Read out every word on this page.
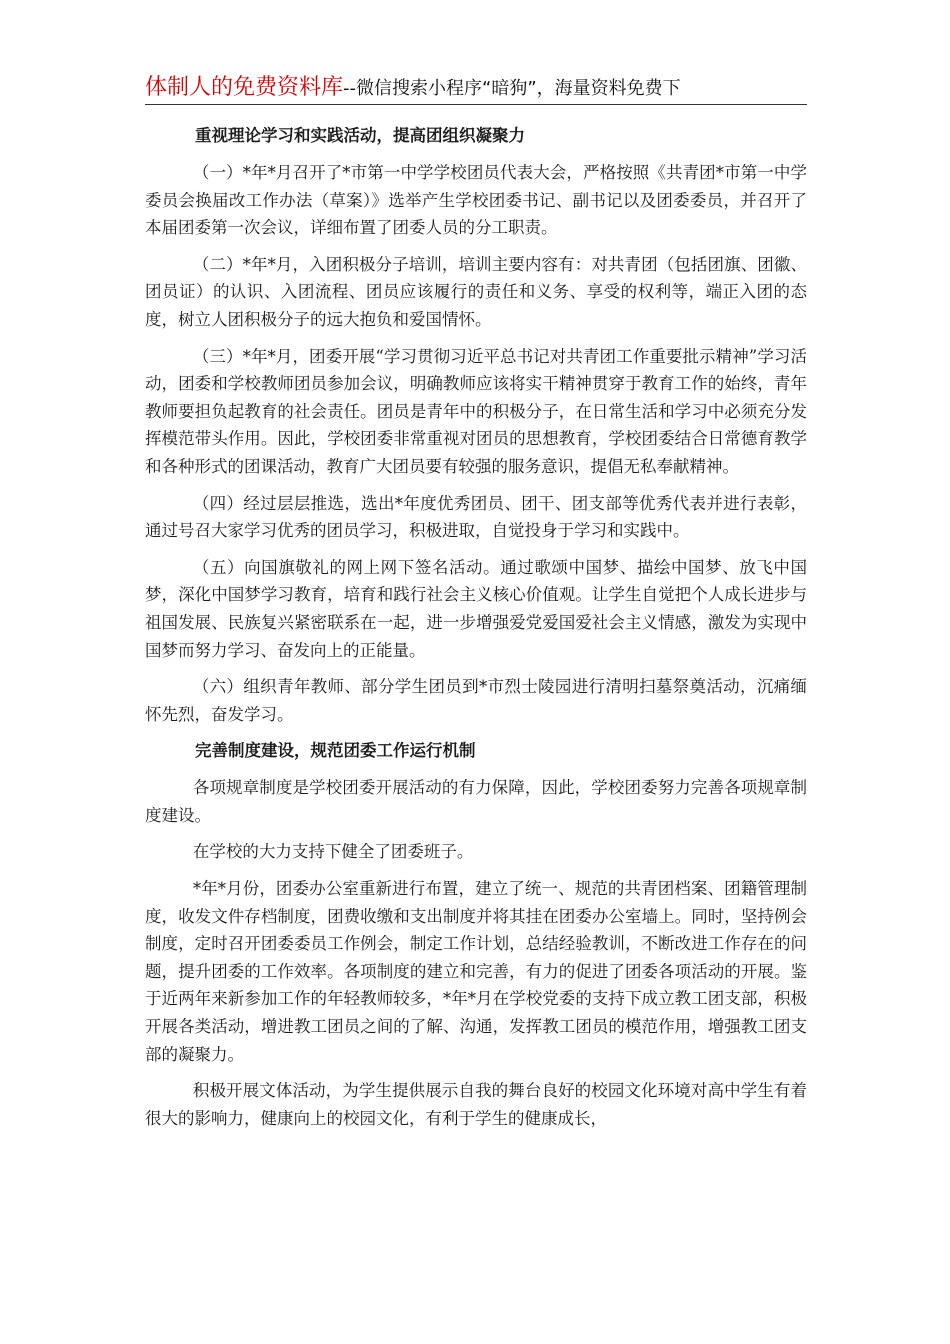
体制人的免费资料库--微信搜索小程序“暗狗”，海量资料免费下

重视理论学习和实践活动，提高团组织凝聚力

（一）*年*月召开了*市第一中学学校团员代表大会，严格按照《共青团*市第一中学委员会换届改工作办法（草案）》选举产生学校团委书记、副书记以及团委委员，并召开了本届团委第一次会议，详细布置了团委人员的分工职责。

（二）*年*月，入团积极分子培训，培训主要内容有：对共青团（包括团旗、团徽、团员证）的认识、入团流程、团员应该履行的责任和义务、享受的权利等，端正入团的态度，树立人团积极分子的远大抱负和爱国情怀。

（三）*年*月，团委开展“学习贯彻习近平总书记对共青团工作重要批示精神”学习活动，团委和学校教师团员参加会议，明确教师应该将实干精神贯穿于教育工作的始终，青年教师要担负起教育的社会责任。团员是青年中的积极分子，在日常生活和学习中必须充分发挥模范带头作用。因此，学校团委非常重视对团员的思想教育，学校团委结合日常德育教学和各种形式的团课活动，教育广大团员要有较强的服务意识，提倡无私奉献精神。

（四）经过层层推选，选出*年度优秀团员、团干、团支部等优秀代表并进行表彰，通过号召大家学习优秀的团员学习，积极进取，自觉投身于学习和实践中。

（五）向国旗敬礼的网上网下签名活动。通过歌颂中国梦、描绘中国梦、放飞中国梦，深化中国梦学习教育，培育和践行社会主义核心价值观。让学生自觉把个人成长进步与祖国发展、民族复兴紧密联系在一起，进一步增强爱党爱国爱社会主义情感，激发为实现中国梦而努力学习、奋发向上的正能量。

（六）组织青年教师、部分学生团员到*市烈士陵园进行清明扫墓祭奠活动，沉痛缅怀先烈，奋发学习。

完善制度建设，规范团委工作运行机制

各项规章制度是学校团委开展活动的有力保障，因此，学校团委努力完善各项规章制度建设。

在学校的大力支持下健全了团委班子。

*年*月份，团委办公室重新进行布置，建立了统一、规范的共青团档案、团籍管理制度，收发文件存档制度，团费收缴和支出制度并将其挂在团委办公室墙上。同时，坚持例会制度，定时召开团委委员工作例会，制定工作计划，总结经验教训，不断改进工作存在的问题，提升团委的工作效率。各项制度的建立和完善，有力的促进了团委各项活动的开展。鉴于近两年来新参加工作的年轻教师较多，*年*月在学校党委的支持下成立教工团支部，积极开展各类活动，增进教工团员之间的了解、沟通，发挥教工团员的模范作用，增强教工团支部的凝聚力。

积极开展文体活动，为学生提供展示自我的舞台良好的校园文化环境对高中学生有着很大的影响力，健康向上的校园文化，有利于学生的健康成长，
